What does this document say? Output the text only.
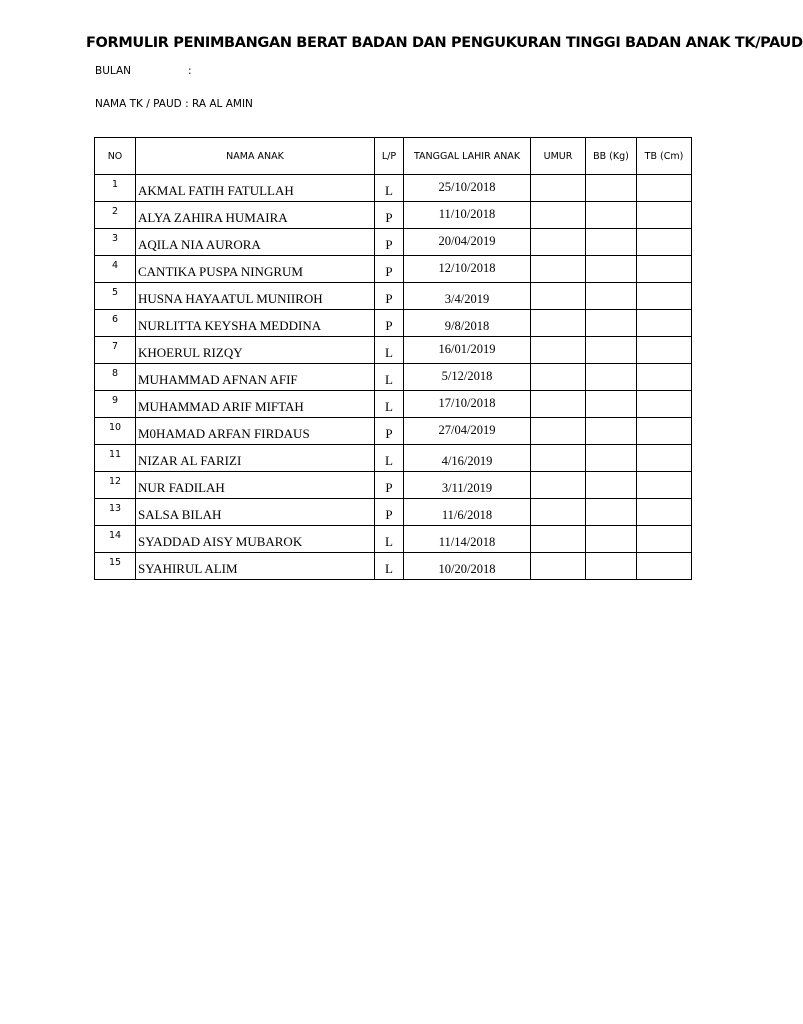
FORMULIR PENIMBANGAN BERAT BADAN DAN PENGUKURAN TINGGI BADAN ANAK TK/PAUD
BULAN	:
NAMA TK / PAUD : RA AL AMIN
NO	NAMA ANAK	L/P	TANGGAL LAHIR ANAK	UMUR	BB (Kg)	TB (Cm)

1	AKMAL FATIH FATULLAH	L	25/10/2018			

2	ALYA ZAHIRA HUMAIRA	P	11/10/2018			

3	AQILA NIA AURORA	P	20/04/2019			

4	CANTIKA PUSPA NINGRUM	P	12/10/2018			

5	HUSNA HAYAATUL MUNIIROH	P	3/4/2019			

6	NURLITTA KEYSHA MEDDINA	P	9/8/2018			

7	KHOERUL RIZQY	L	16/01/2019			

8	MUHAMMAD AFNAN AFIF	L	5/12/2018			

9	MUHAMMAD ARIF MIFTAH	L	17/10/2018			

10	M0HAMAD ARFAN FIRDAUS	P	27/04/2019			

11	NIZAR AL FARIZI	L	4/16/2019			

12	NUR FADILAH	P	3/11/2019			

13	SALSA BILAH	P	11/6/2018			

14	SYADDAD AISY MUBAROK	L	11/14/2018			

15	SYAHIRUL ALIM	L	10/20/2018			
